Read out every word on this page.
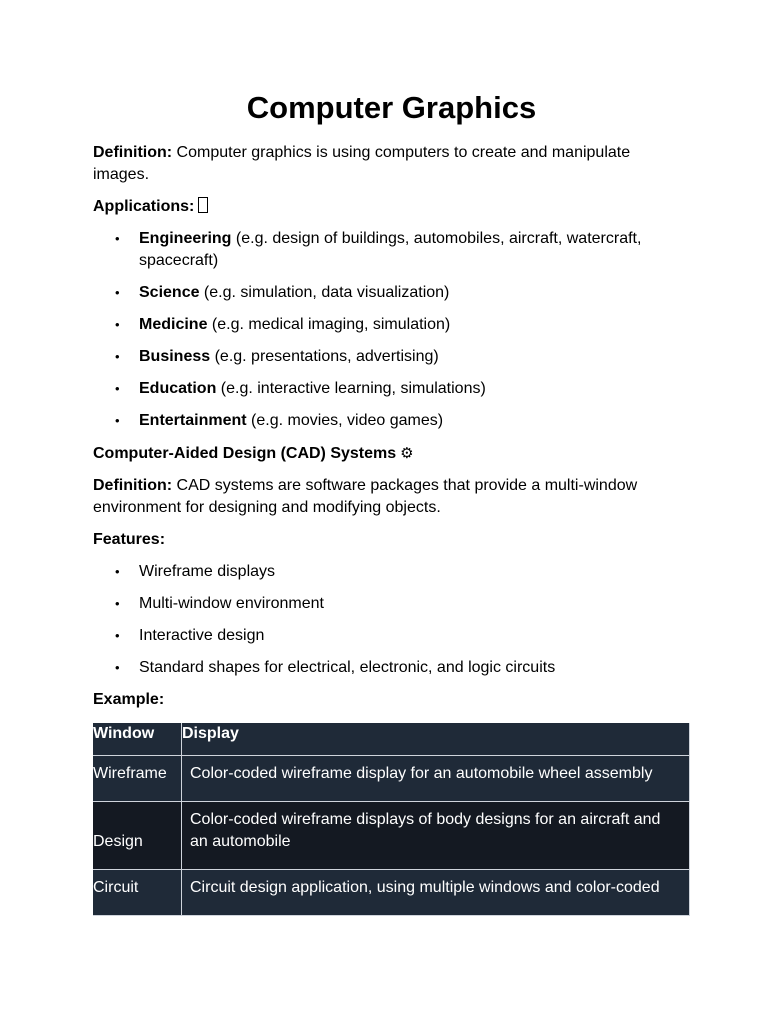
Computer Graphics

Definition: Computer graphics is using computers to create and manipulate images.

Applications:

• Engineering (e.g. design of buildings, automobiles, aircraft, watercraft, spacecraft)
• Science (e.g. simulation, data visualization)
• Medicine (e.g. medical imaging, simulation)
• Business (e.g. presentations, advertising)
• Education (e.g. interactive learning, simulations)
• Entertainment (e.g. movies, video games)

Computer-Aided Design (CAD) Systems ⚙

Definition: CAD systems are software packages that provide a multi-window environment for designing and modifying objects.

Features:

• Wireframe displays
• Multi-window environment
• Interactive design
• Standard shapes for electrical, electronic, and logic circuits

Example:

Window	Display
Wireframe	Color-coded wireframe display for an automobile wheel assembly
Design	Color-coded wireframe displays of body designs for an aircraft and an automobile
Circuit	Circuit design application, using multiple windows and color-coded
